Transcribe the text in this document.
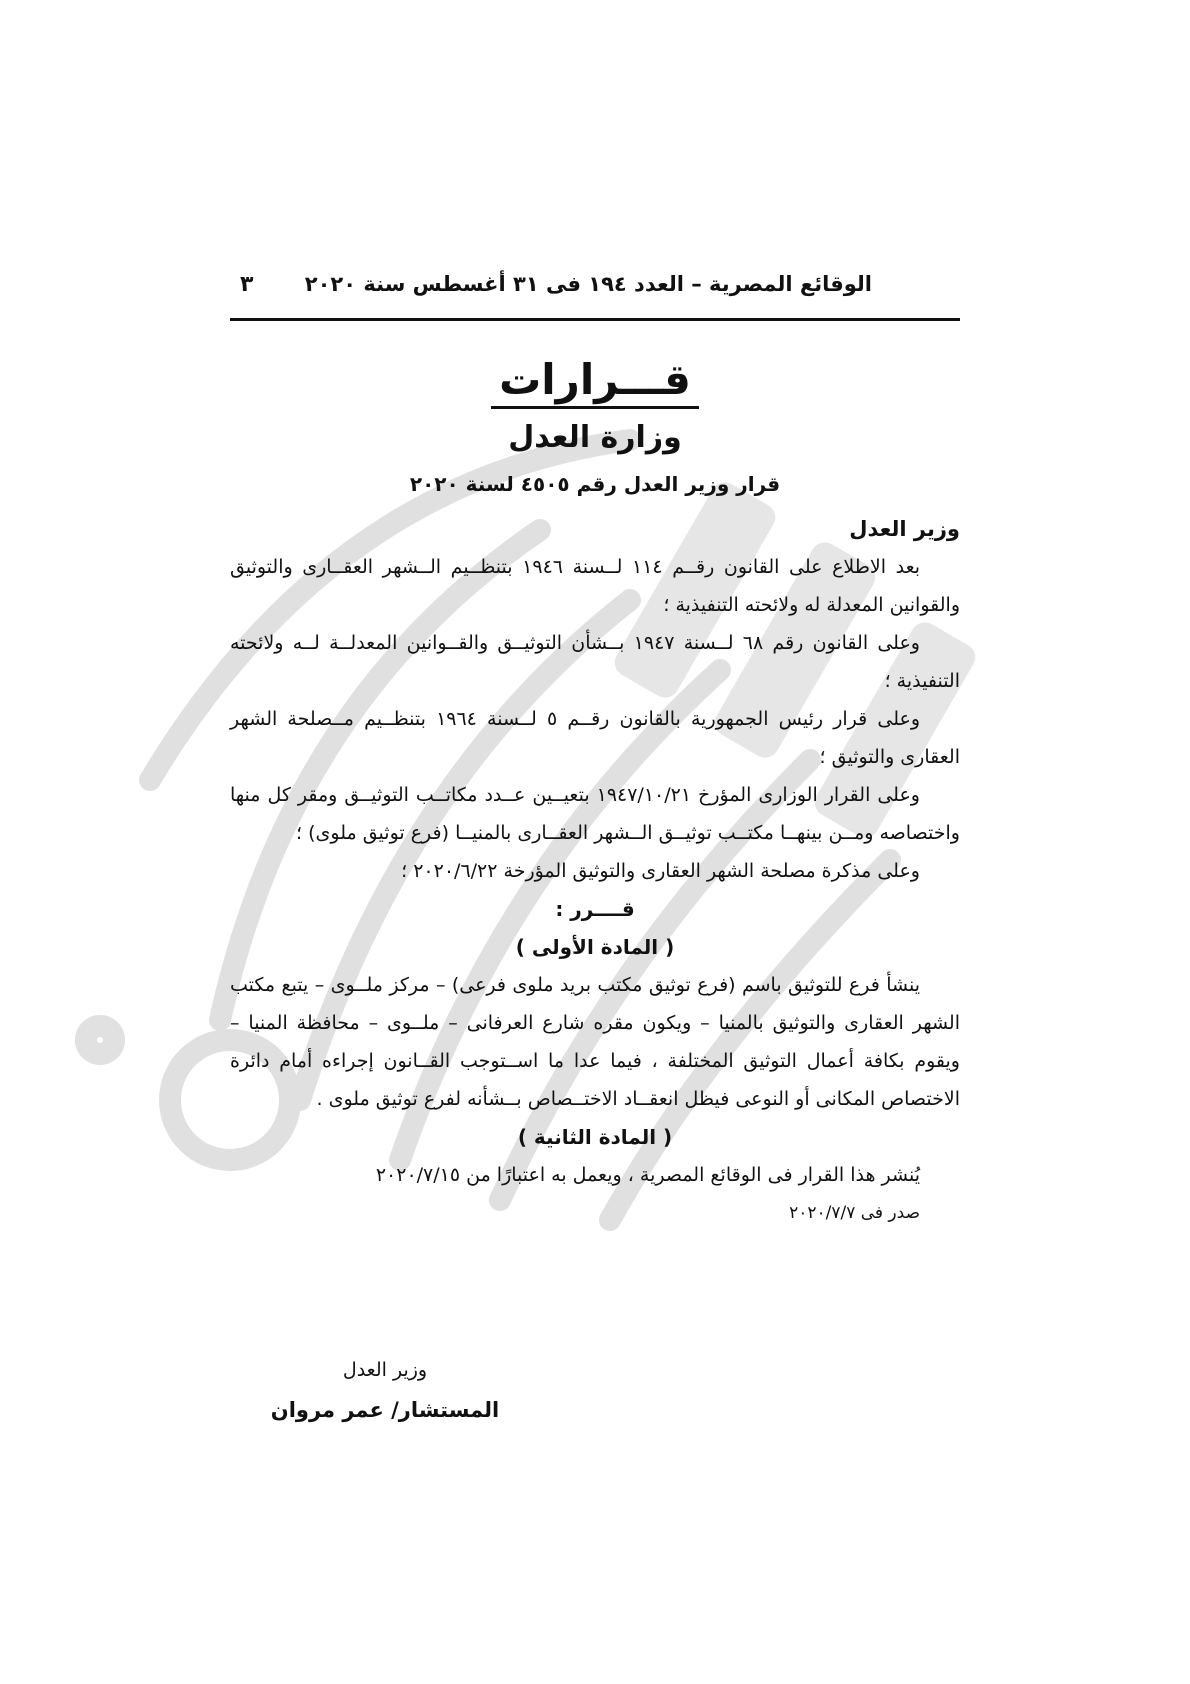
الوقائع المصرية – العدد ١٩٤ فى ٣١ أغسطس سنة ٢٠٢٠
٣
قـــرارات
وزارة العدل
قرار وزير العدل رقم ٤٥٠٥ لسنة ٢٠٢٠

وزير العدل

بعد الاطلاع على القانون رقــم ١١٤ لــسنة ١٩٤٦ بتنظــيم الــشهر العقــارى والتوثيق والقوانين المعدلة له ولائحته التنفيذية ؛

وعلى القانون رقم ٦٨ لــسنة ١٩٤٧ بــشأن التوثيــق والقــوانين المعدلــة لــه ولائحته التنفيذية ؛

وعلى قرار رئيس الجمهورية بالقانون رقــم ٥ لــسنة ١٩٦٤ بتنظــيم مــصلحة الشهر العقارى والتوثيق ؛

وعلى القرار الوزارى المؤرخ ١٩٤٧/١٠/٢١ بتعيــين عــدد مكاتــب التوثيــق ومقر كل منها واختصاصه ومــن بينهــا مكتــب توثيــق الــشهر العقــارى بالمنيــا (فرع توثيق ملوى) ؛

وعلى مذكرة مصلحة الشهر العقارى والتوثيق المؤرخة ٢٠٢٠/٦/٢٢ ؛

قــــرر :

( المادة الأولى )

ينشأ فرع للتوثيق باسم (فرع توثيق مكتب بريد ملوى فرعى) – مركز ملــوى – يتبع مكتب الشهر العقارى والتوثيق بالمنيا – ويكون مقره شارع العرفانى – ملــوى – محافظة المنيا – ويقوم بكافة أعمال التوثيق المختلفة ، فيما عدا ما اســتوجب القــانون إجراءه أمام دائرة الاختصاص المكانى أو النوعى فيظل انعقــاد الاختــصاص بــشأنه لفرع توثيق ملوى .

( المادة الثانية )

يُنشر هذا القرار فى الوقائع المصرية ، ويعمل به اعتبارًا من ٢٠٢٠/٧/١٥

صدر فى ٢٠٢٠/٧/٧

وزير العدل
المستشار/ عمر مروان
